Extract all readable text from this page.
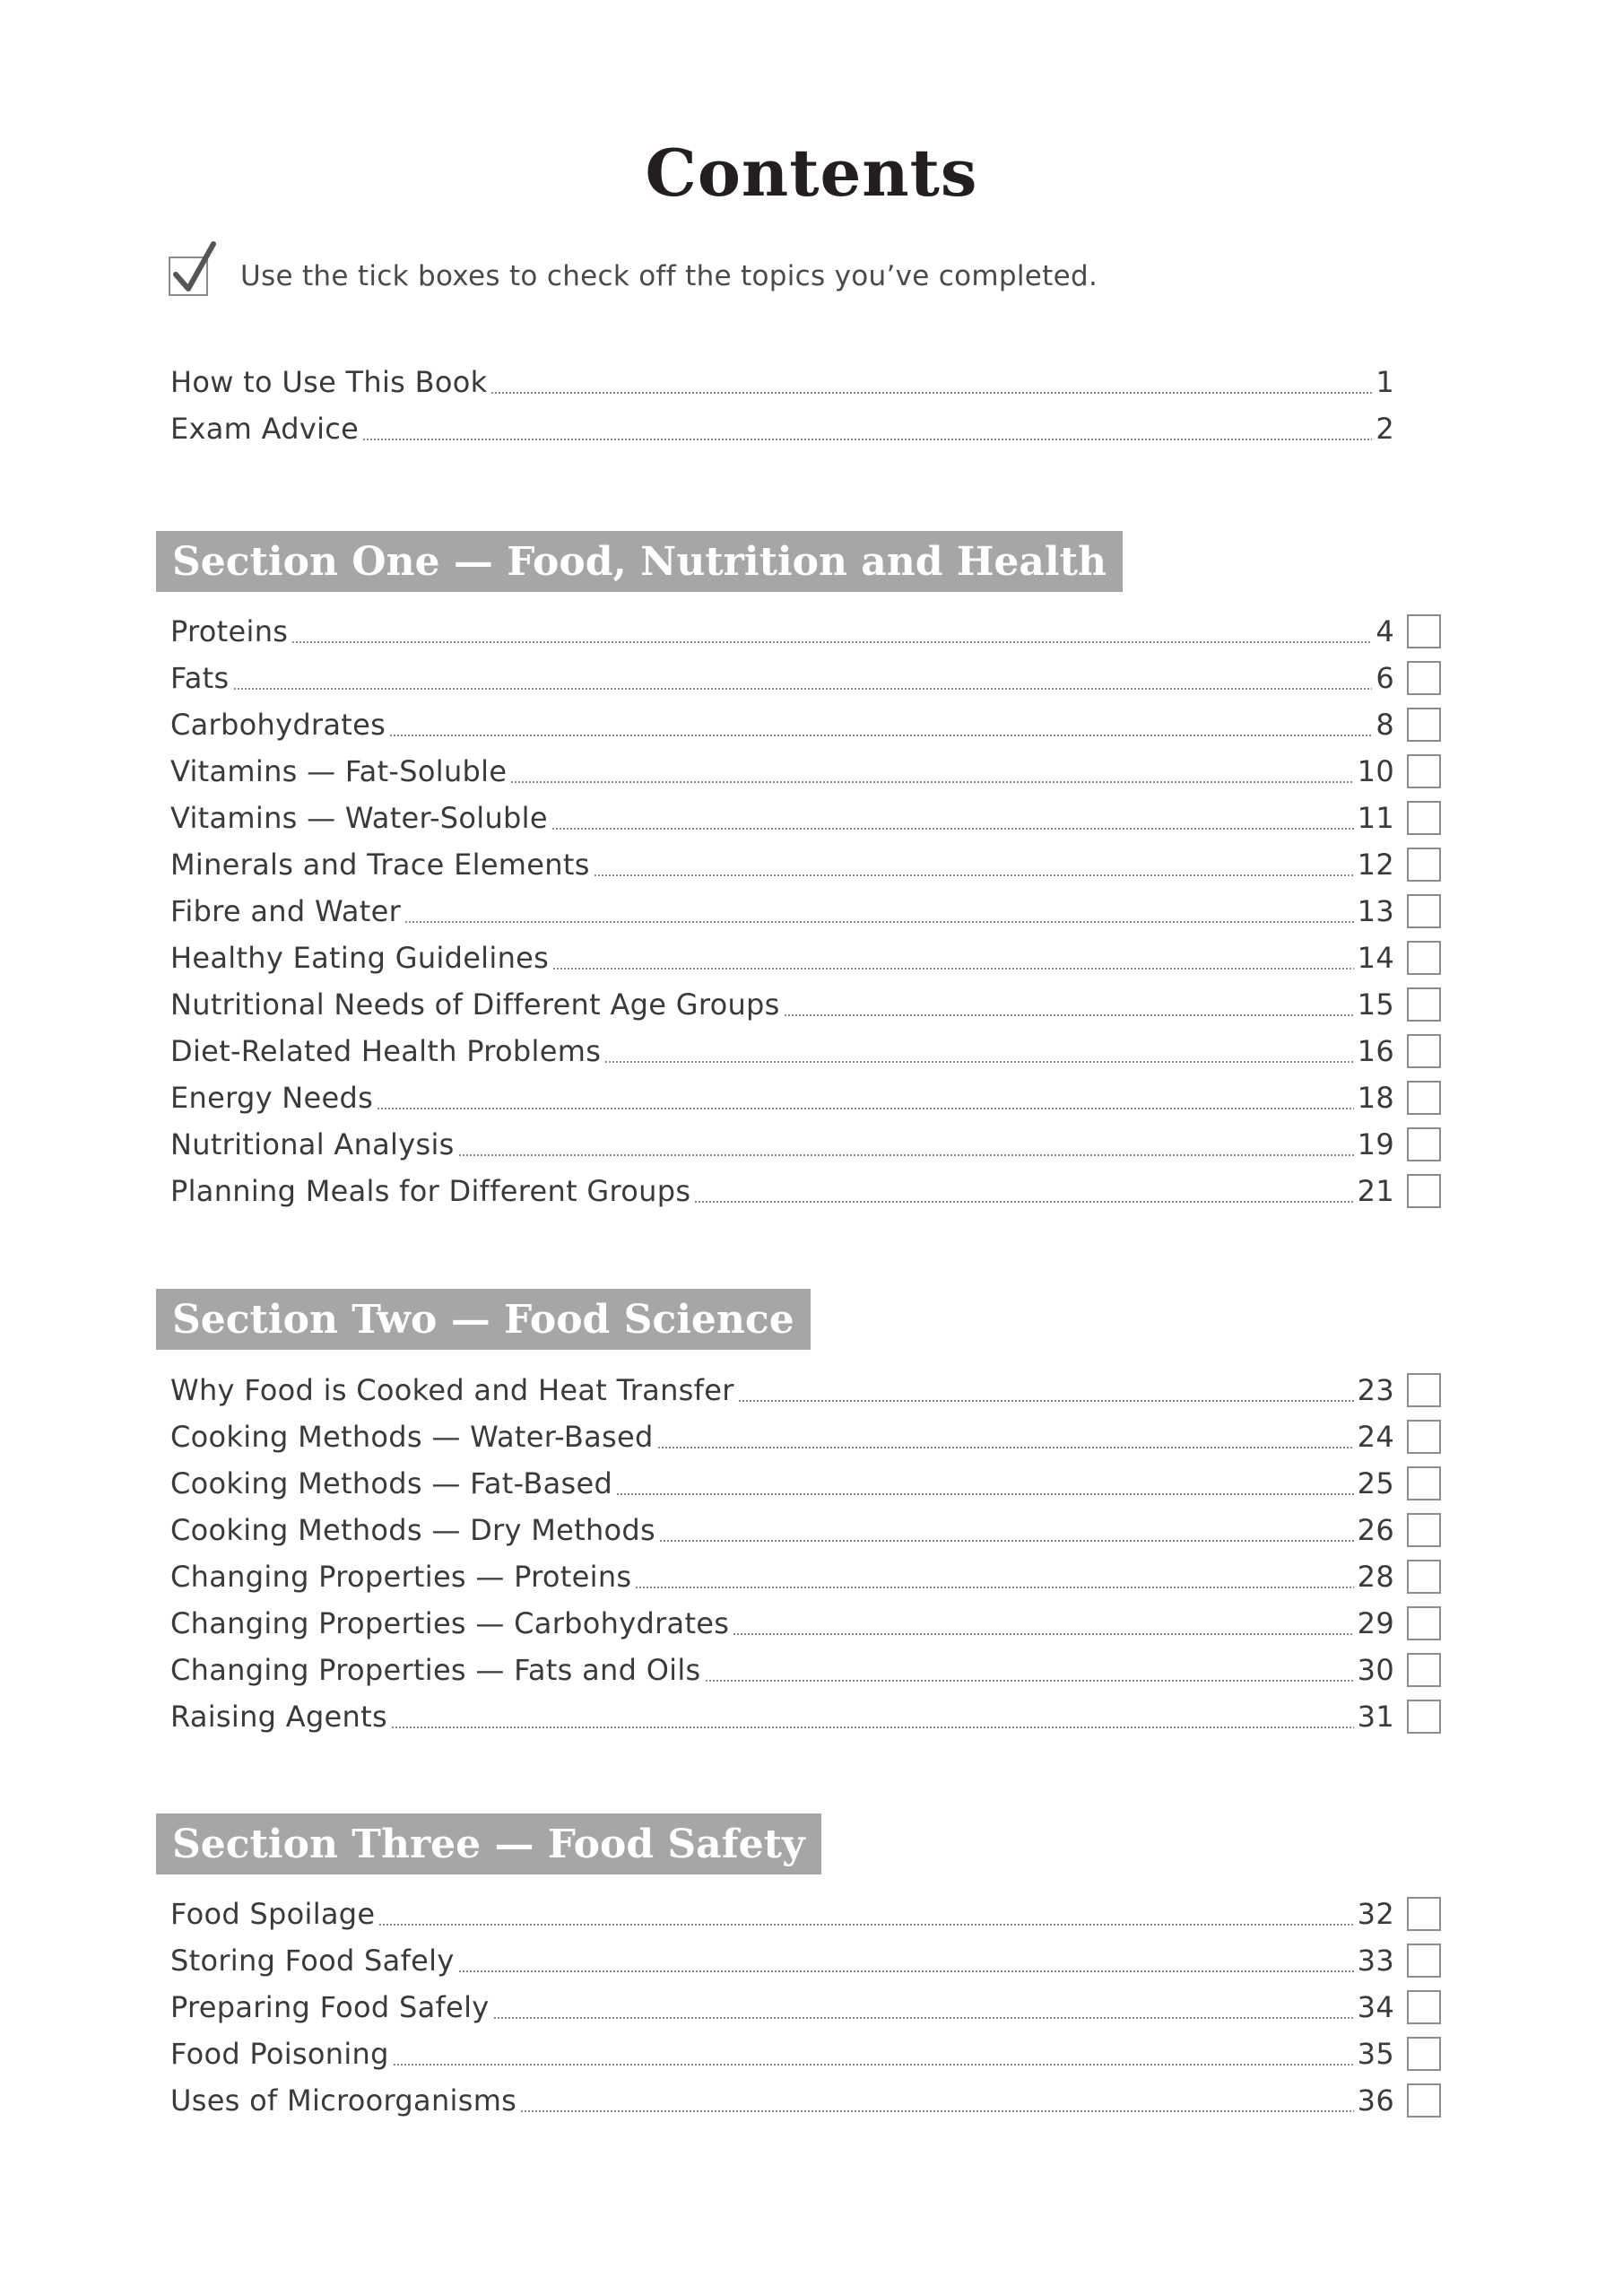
Contents
Use the tick boxes to check off the topics you’ve completed.
How to Use This Book	1
Exam Advice	2
Section One — Food, Nutrition and Health
Proteins	4
Fats	6
Carbohydrates	8
Vitamins — Fat-Soluble	10
Vitamins — Water-Soluble	11
Minerals and Trace Elements	12
Fibre and Water	13
Healthy Eating Guidelines	14
Nutritional Needs of Different Age Groups	15
Diet-Related Health Problems	16
Energy Needs	18
Nutritional Analysis	19
Planning Meals for Different Groups	21
Section Two — Food Science
Why Food is Cooked and Heat Transfer	23
Cooking Methods — Water-Based	24
Cooking Methods — Fat-Based	25
Cooking Methods — Dry Methods	26
Changing Properties — Proteins	28
Changing Properties — Carbohydrates	29
Changing Properties — Fats and Oils	30
Raising Agents	31
Section Three — Food Safety
Food Spoilage	32
Storing Food Safely	33
Preparing Food Safely	34
Food Poisoning	35
Uses of Microorganisms	36
